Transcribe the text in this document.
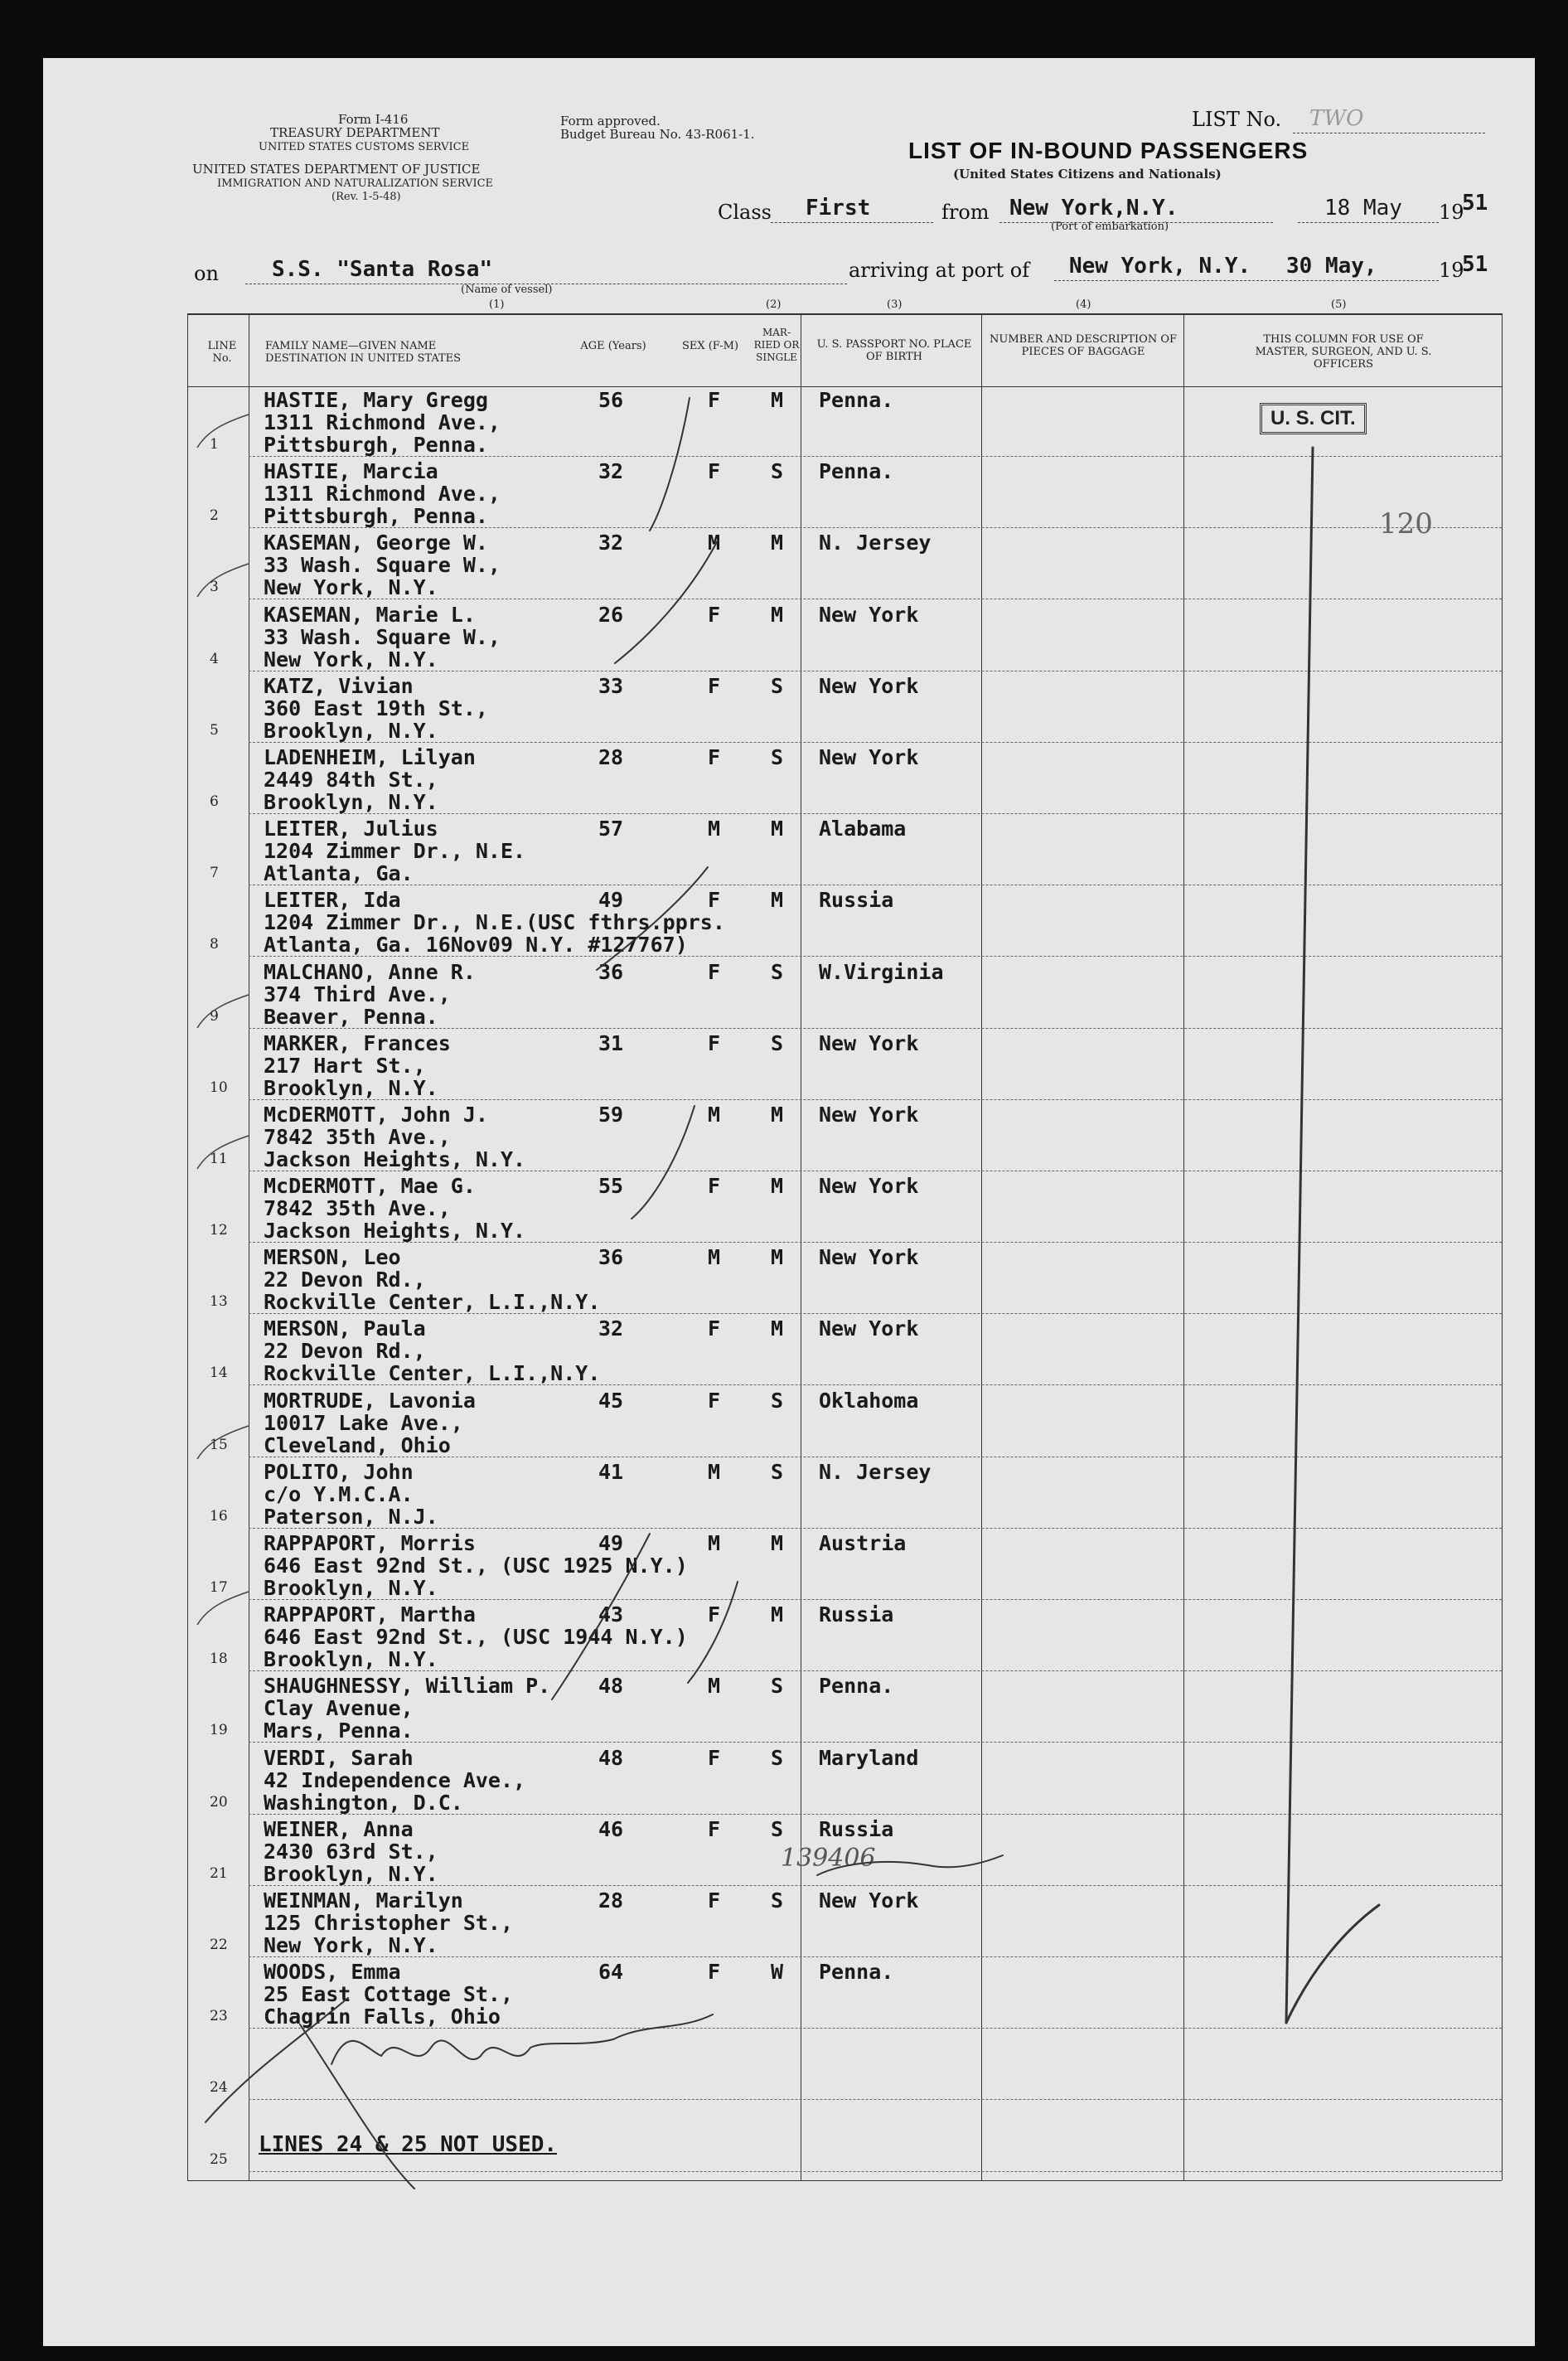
Form I-416
TREASURY DEPARTMENT
UNITED STATES CUSTOMS SERVICE
UNITED STATES DEPARTMENT OF JUSTICE
IMMIGRATION AND NATURALIZATION SERVICE
(Rev. 1-5-48)
Form approved.
Budget Bureau No. 43-R061-1.
LIST No. TWO
LIST OF IN-BOUND PASSENGERS
(United States Citizens and Nationals)
Class First	from New York,N.Y.
(Port of embarkation)
18 May 19
51
on S.S. "Santa Rosa"
(Name of vessel)
(1)
arriving at port of New York, N.Y. 30 May,	19
51
(2)	(3)	(4)	(5)
LINE No.
FAMILY NAME—GIVEN NAME DESTINATION IN UNITED STATES
AGE (Years)	SEX (F-M)
MAR-RIED OR SINGLE
U. S. PASSPORT NO. PLACE OF BIRTH
NUMBER AND DESCRIPTION OF PIECES OF BAGGAGE
THIS COLUMN FOR USE OF MASTER, SURGEON, AND U. S. OFFICERS
1
HASTIE, Mary Gregg
1311 Richmond Ave.,
Pittsburgh, Penna.
56	F M Penna.
2
HASTIE, Marcia
1311 Richmond Ave.,
Pittsburgh, Penna.
32	F S Penna.
3
KASEMAN, George W.
33 Wash. Square W.,
New York, N.Y.
32	M M N. Jersey
4
KASEMAN, Marie L.
33 Wash. Square W.,
New York, N.Y.
26	F M New York
5
KATZ, Vivian
360 East 19th St.,
Brooklyn, N.Y.
33	F S New York
6
LADENHEIM, Lilyan
2449 84th St.,
Brooklyn, N.Y.
28	F S New York
7
LEITER, Julius
1204 Zimmer Dr., N.E.
Atlanta, Ga.
57	M M Alabama
8
LEITER, Ida
1204 Zimmer Dr., N.E.(USC fthrs.pprs.
Atlanta, Ga. 16Nov09 N.Y. #127767)
49	F M Russia
9
MALCHANO, Anne R.
374 Third Ave.,
Beaver, Penna.
36	F S W.Virginia
10
MARKER, Frances
217 Hart St.,
Brooklyn, N.Y.
31	F S New York
11
McDERMOTT, John J.
7842 35th Ave.,
Jackson Heights, N.Y.
59	M M New York
12
McDERMOTT, Mae G.
7842 35th Ave.,
Jackson Heights, N.Y.
55	F M New York
13
MERSON, Leo
22 Devon Rd.,
Rockville Center, L.I.,N.Y.
36	M M New York
14
MERSON, Paula
22 Devon Rd.,
Rockville Center, L.I.,N.Y.
32	F M New York
15
MORTRUDE, Lavonia
10017 Lake Ave.,
Cleveland, Ohio
45	F S Oklahoma
16
POLITO, John
c/o Y.M.C.A.
Paterson, N.J.
41	M S N. Jersey
17
RAPPAPORT, Morris
646 East 92nd St., (USC 1925 N.Y.)
Brooklyn, N.Y.
49	M M Austria
18
RAPPAPORT, Martha
646 East 92nd St., (USC 1944 N.Y.)
Brooklyn, N.Y.
43	F M Russia
19
SHAUGHNESSY, William P.
Clay Avenue,
Mars, Penna.
48	M S Penna.
20
VERDI, Sarah
42 Independence Ave.,
Washington, D.C.
48	F S Maryland
21
WEINER, Anna
2430 63rd St.,
Brooklyn, N.Y.
46	F S Russia
22
WEINMAN, Marilyn
125 Christopher St.,
New York, N.Y.
28	F S New York
23
WOODS, Emma
25 East Cottage St.,
Chagrin Falls, Ohio
64	F W Penna.
24
25
U. S. CIT.
120
139406
LINES 24 & 25 NOT USED.
